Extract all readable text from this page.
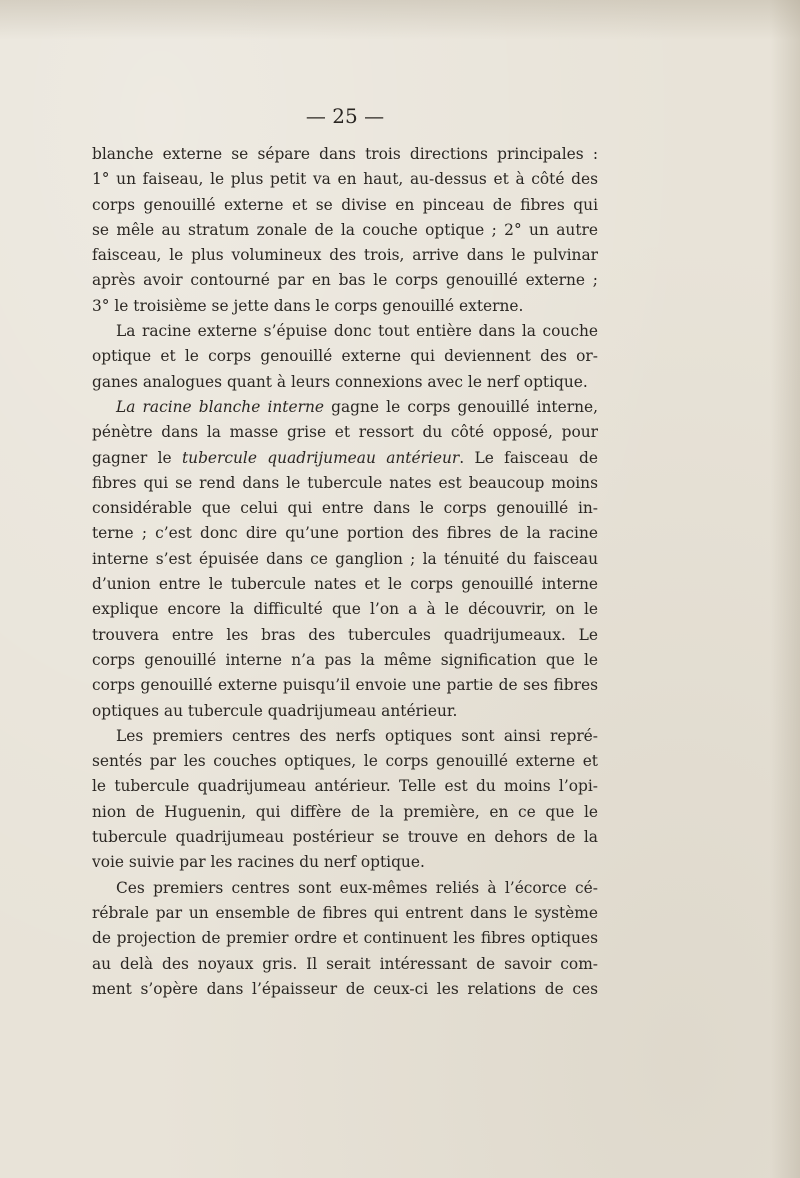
— 25 —
blanche externe se sépare dans trois directions principales :
1° un faiseau, le plus petit va en haut, au-dessus et à côté des
corps genouillé externe et se divise en pinceau de fibres qui
se mêle au stratum zonale de la couche optique ; 2° un autre
faisceau, le plus volumineux des trois, arrive dans le pulvinar
après avoir contourné par en bas le corps genouillé externe ;
3° le troisième se jette dans le corps genouillé externe.
La racine externe s’épuise donc tout entière dans la couche
optique et le corps genouillé externe qui deviennent des or-
ganes analogues quant à leurs connexions avec le nerf optique.
La racine blanche interne gagne le corps genouillé interne,
pénètre dans la masse grise et ressort du côté opposé, pour
gagner le tubercule quadrijumeau antérieur. Le faisceau de
fibres qui se rend dans le tubercule nates est beaucoup moins
considérable que celui qui entre dans le corps genouillé in-
terne ; c’est donc dire qu’une portion des fibres de la racine
interne s’est épuisée dans ce ganglion ; la ténuité du faisceau
d’union entre le tubercule nates et le corps genouillé interne
explique encore la difficulté que l’on a à le découvrir, on le
trouvera entre les bras des tubercules quadrijumeaux. Le
corps genouillé interne n’a pas la même signification que le
corps genouillé externe puisqu’il envoie une partie de ses fibres
optiques au tubercule quadrijumeau antérieur.
Les premiers centres des nerfs optiques sont ainsi repré-
sentés par les couches optiques, le corps genouillé externe et
le tubercule quadrijumeau antérieur. Telle est du moins l’opi-
nion de Huguenin, qui diffère de la première, en ce que le
tubercule quadrijumeau postérieur se trouve en dehors de la
voie suivie par les racines du nerf optique.
Ces premiers centres sont eux-mêmes reliés à l’écorce cé-
rébrale par un ensemble de fibres qui entrent dans le système
de projection de premier ordre et continuent les fibres optiques
au delà des noyaux gris. Il serait intéressant de savoir com-
ment s’opère dans l’épaisseur de ceux-ci les relations de ces
